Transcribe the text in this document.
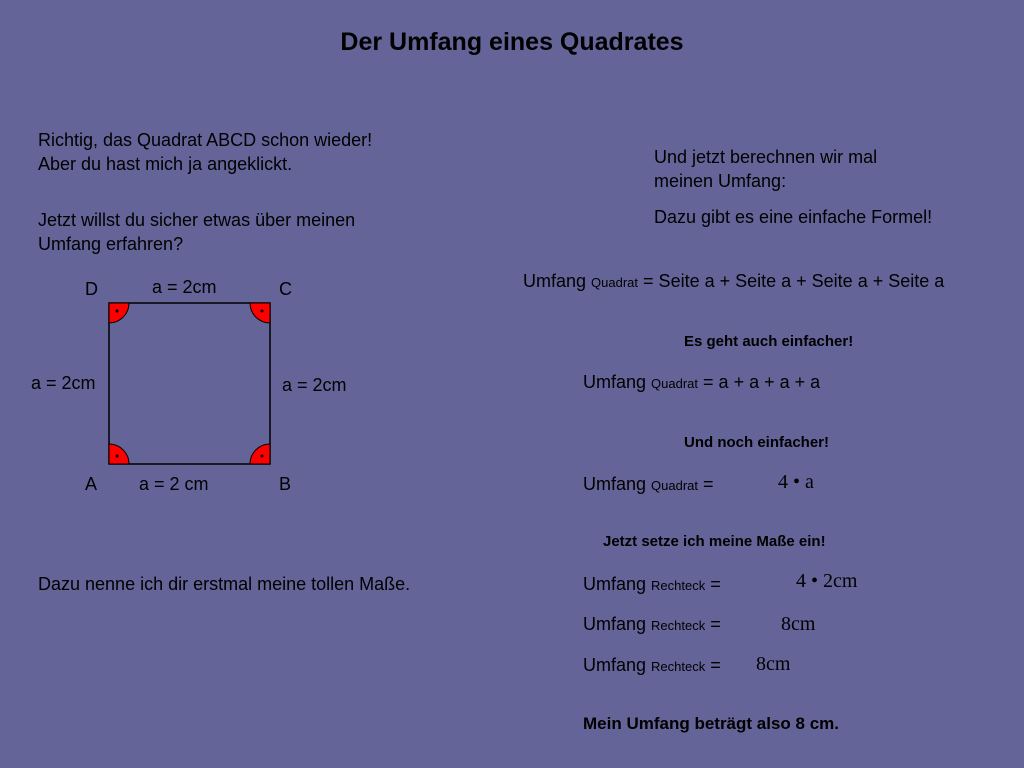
Der Umfang eines Quadrates
Richtig, das Quadrat ABCD schon wieder!
Aber du hast mich ja angeklickt.
Jetzt willst du sicher etwas über meinen
Umfang erfahren?
D	C
A	B
a = 2cm
a = 2cm	a = 2cm
a = 2 cm
Dazu nenne ich dir erstmal meine tollen Maße.
Und jetzt berechnen wir mal
meinen Umfang:
Dazu gibt es eine einfache Formel!
Umfang Quadrat = Seite a + Seite a + Seite a + Seite a
Es geht auch einfacher!
Umfang Quadrat = a + a + a + a
Und noch einfacher!
Umfang Quadrat =	4 • a
Jetzt setze ich meine Maße ein!
Umfang Rechteck =	4 • 2cm
Umfang Rechteck =	8cm
Umfang Rechteck = 8cm
Mein Umfang beträgt also 8 cm.
